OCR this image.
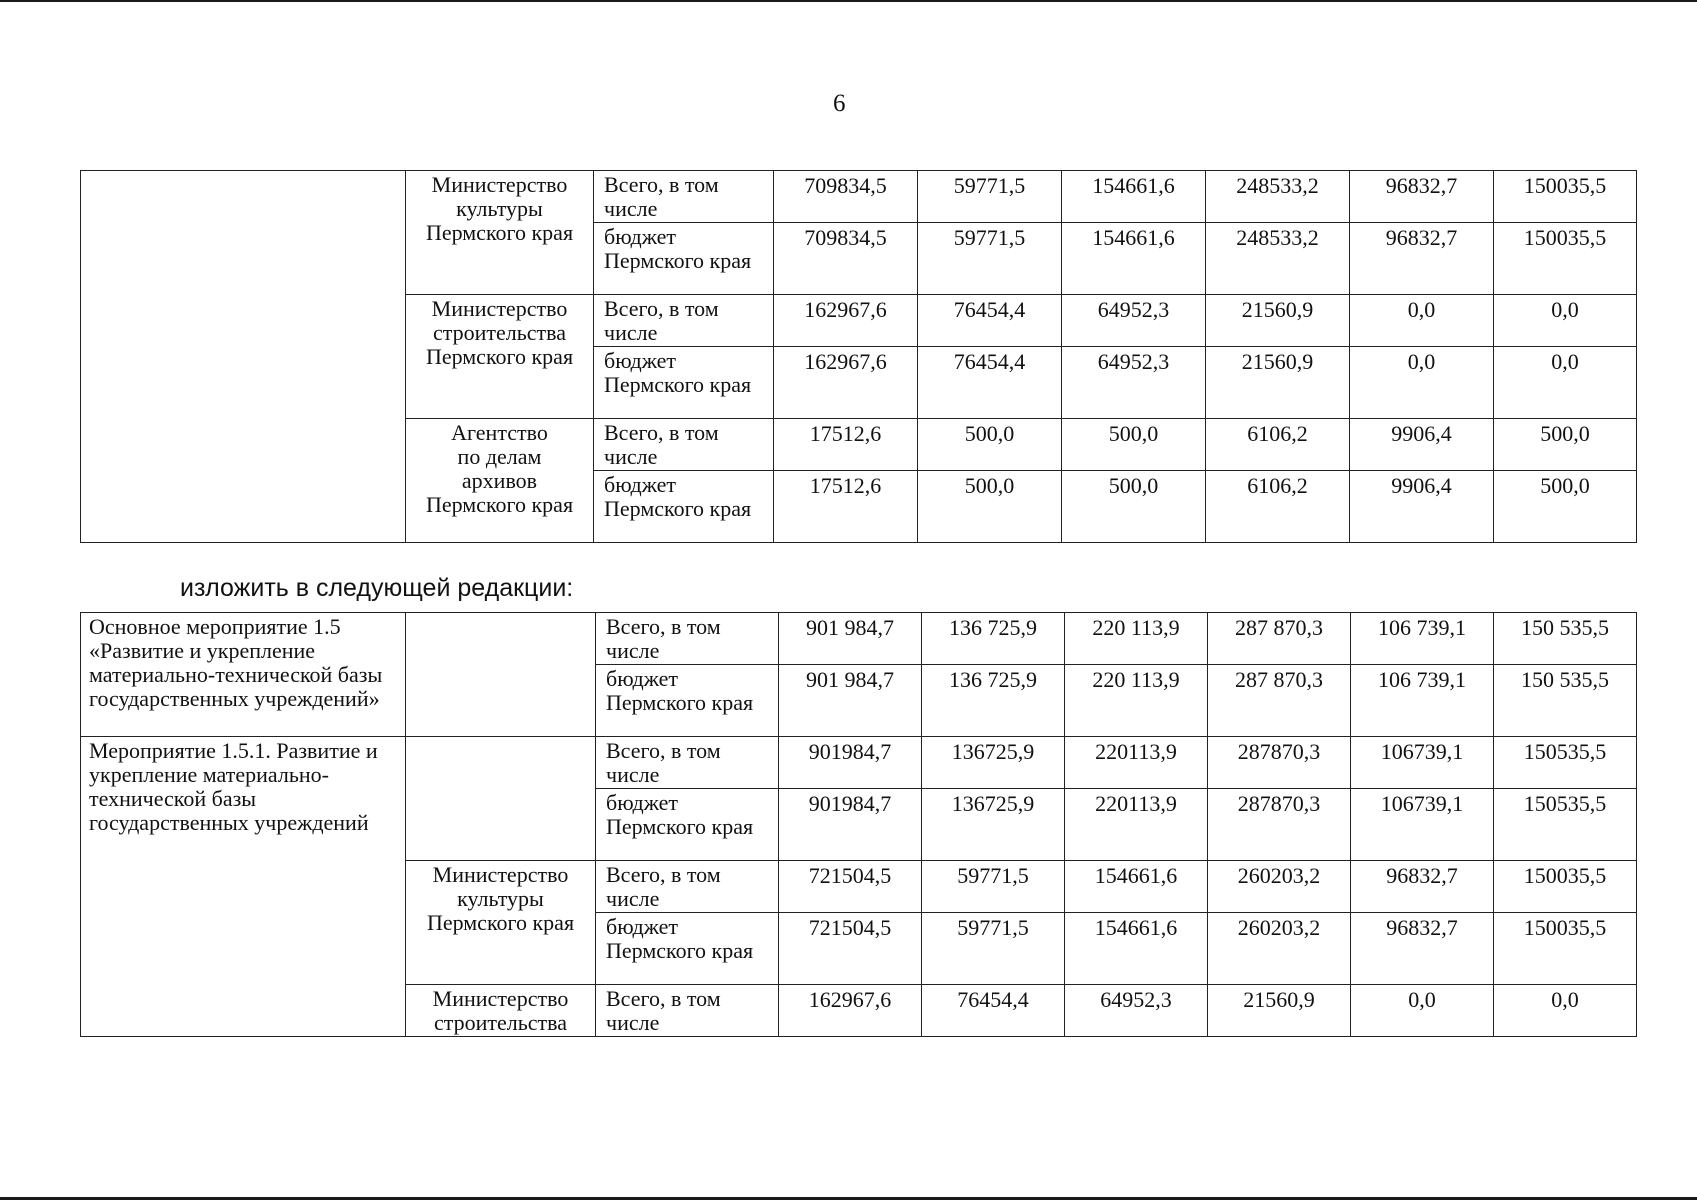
6

	Министерство
культуры
Пермского края	Всего, в том числе	709834,5	59771,5	154661,6	248533,2	96832,7	150035,5
		бюджет Пермского края	709834,5	59771,5	154661,6	248533,2	96832,7	150035,5

	Министерство
строительства
Пермского края	Всего, в том числе	162967,6	76454,4	64952,3	21560,9	0,0	0,0
		бюджет Пермского края	162967,6	76454,4	64952,3	21560,9	0,0	0,0

	Агентство
по делам
архивов
Пермского края	Всего, в том числе	17512,6	500,0	500,0	6106,2	9906,4	500,0
		бюджет Пермского края	17512,6	500,0	500,0	6106,2	9906,4	500,0
изложить в следующей редакции:
Основное мероприятие 1.5 «Развитие и укрепление материально-технической базы государственных учреждений»		Всего, в том числе	901 984,7	136 725,9	220 113,9	287 870,3	106 739,1	150 535,5
		бюджет Пермского края	901 984,7	136 725,9	220 113,9	287 870,3	106 739,1	150 535,5
Мероприятие 1.5.1. Развитие и укрепление материально-технической базы государственных учреждений		Всего, в том числе	901984,7	136725,9	220113,9	287870,3	106739,1	150535,5
		бюджет Пермского края	901984,7	136725,9	220113,9	287870,3	106739,1	150535,5

	Министерство
культуры
Пермского края	Всего, в том числе	721504,5	59771,5	154661,6	260203,2	96832,7	150035,5
		бюджет Пермского края	721504,5	59771,5	154661,6	260203,2	96832,7	150035,5

	Министерство
строительства	Всего, в том числе	162967,6	76454,4	64952,3	21560,9	0,0	0,0
